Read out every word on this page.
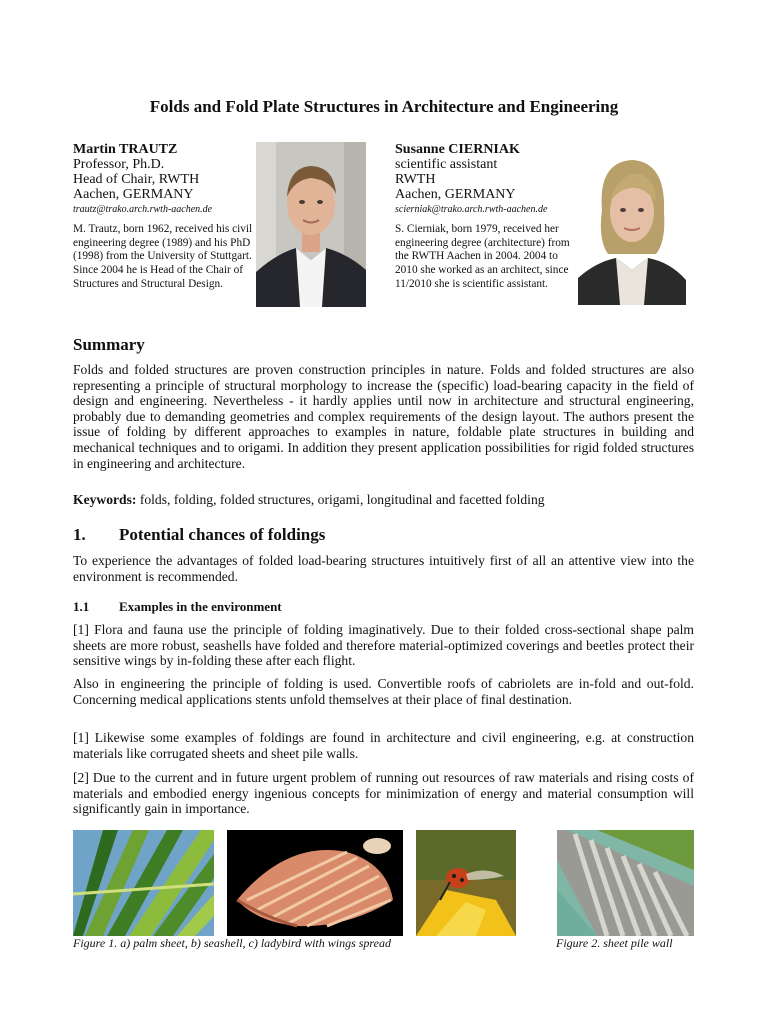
Folds and Fold Plate Structures in Architecture and Engineering
Martin TRAUTZ
Professor, Ph.D.
Head of Chair, RWTH
Aachen, GERMANY
trautz@trako.arch.rwth-aachen.de
M. Trautz, born 1962, received his civil engineering degree (1989) and his PhD (1998) from the University of Stuttgart. Since 2004 he is Head of the Chair of Structures and Structural Design.
Susanne CIERNIAK
scientific assistant
RWTH
Aachen, GERMANY
scierniak@trako.arch.rwth-aachen.de
S. Cierniak, born 1979, received her engineering degree (architecture) from the RWTH Aachen in 2004. 2004 to 2010 she worked as an architect, since 11/2010 she is scientific assistant.
Summary

Folds and folded structures are proven construction principles in nature. Folds and folded structures are also representing a principle of structural morphology to increase the (specific) load-bearing capacity in the field of design and engineering. Nevertheless - it hardly applies until now in architecture and structural engineering, probably due to demanding geometries and complex requirements of the design layout. The authors present the issue of folding by different approaches to examples in nature, foldable plate structures in building and mechanical techniques and to origami. In addition they present application possibilities for rigid folded structures in engineering and architecture.

Keywords: folds, folding, folded structures, origami, longitudinal and facetted folding

1. Potential chances of foldings

To experience the advantages of folded load-bearing structures intuitively first of all an attentive view into the environment is recommended.

1.1 Examples in the environment

[1] Flora and fauna use the principle of folding imaginatively. Due to their folded cross-sectional shape palm sheets are more robust, seashells have folded and therefore material-optimized coverings and beetles protect their sensitive wings by in-folding these after each flight.

Also in engineering the principle of folding is used. Convertible roofs of cabriolets are in-fold and out-fold. Concerning medical applications stents unfold themselves at their place of final destination.

[1] Likewise some examples of foldings are found in architecture and civil engineering, e.g. at construction materials like corrugated sheets and sheet pile walls.

[2] Due to the current and in future urgent problem of running out resources of raw materials and rising costs of materials and embodied energy ingenious concepts for minimization of energy and material consumption will significantly gain in importance.

Figure 1. a) palm sheet, b) seashell, c) ladybird with wings spread	Figure 2. sheet pile wall
